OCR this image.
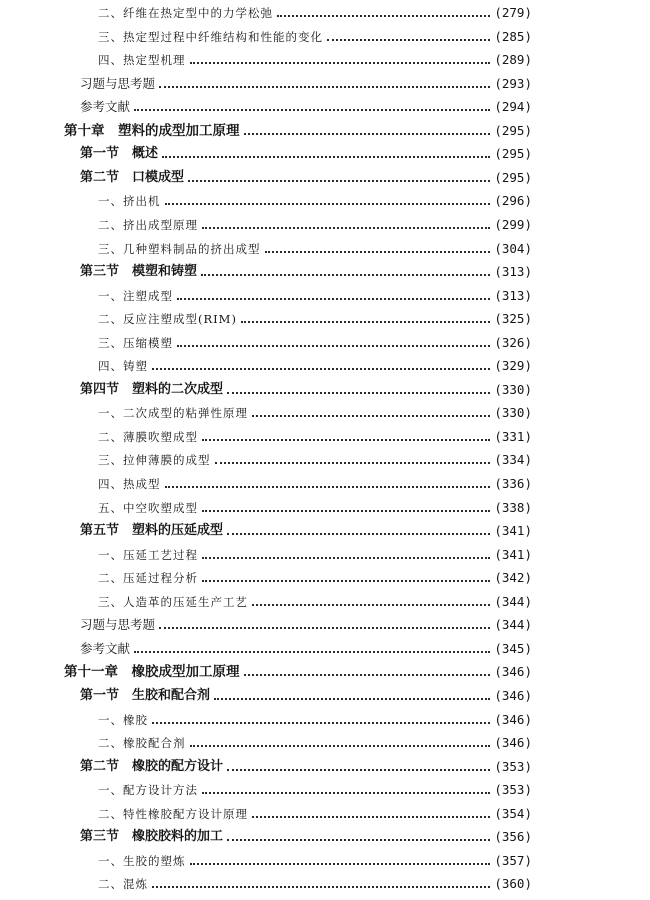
二、纤维在热定型中的力学松弛	(279)
三、热定型过程中纤维结构和性能的变化	(285)
四、热定型机理	(289)
习题与思考题	(293)
参考文献	(294)
第十章　塑料的成型加工原理	(295)
第一节　概述	(295)
第二节　口模成型	(295)
一、挤出机	(296)
二、挤出成型原理	(299)
三、几种塑料制品的挤出成型	(304)
第三节　模塑和铸塑	(313)
一、注塑成型	(313)
二、反应注塑成型(RIM)	(325)
三、压缩模塑	(326)
四、铸塑	(329)
第四节　塑料的二次成型	(330)
一、二次成型的粘弹性原理	(330)
二、薄膜吹塑成型	(331)
三、拉伸薄膜的成型	(334)
四、热成型	(336)
五、中空吹塑成型	(338)
第五节　塑料的压延成型	(341)
一、压延工艺过程	(341)
二、压延过程分析	(342)
三、人造革的压延生产工艺	(344)
习题与思考题	(344)
参考文献	(345)
第十一章　橡胶成型加工原理	(346)
第一节　生胶和配合剂	(346)
一、橡胶	(346)
二、橡胶配合剂	(346)
第二节　橡胶的配方设计	(353)
一、配方设计方法	(353)
二、特性橡胶配方设计原理	(354)
第三节　橡胶胶料的加工	(356)
一、生胶的塑炼	(357)
二、混炼	(360)
